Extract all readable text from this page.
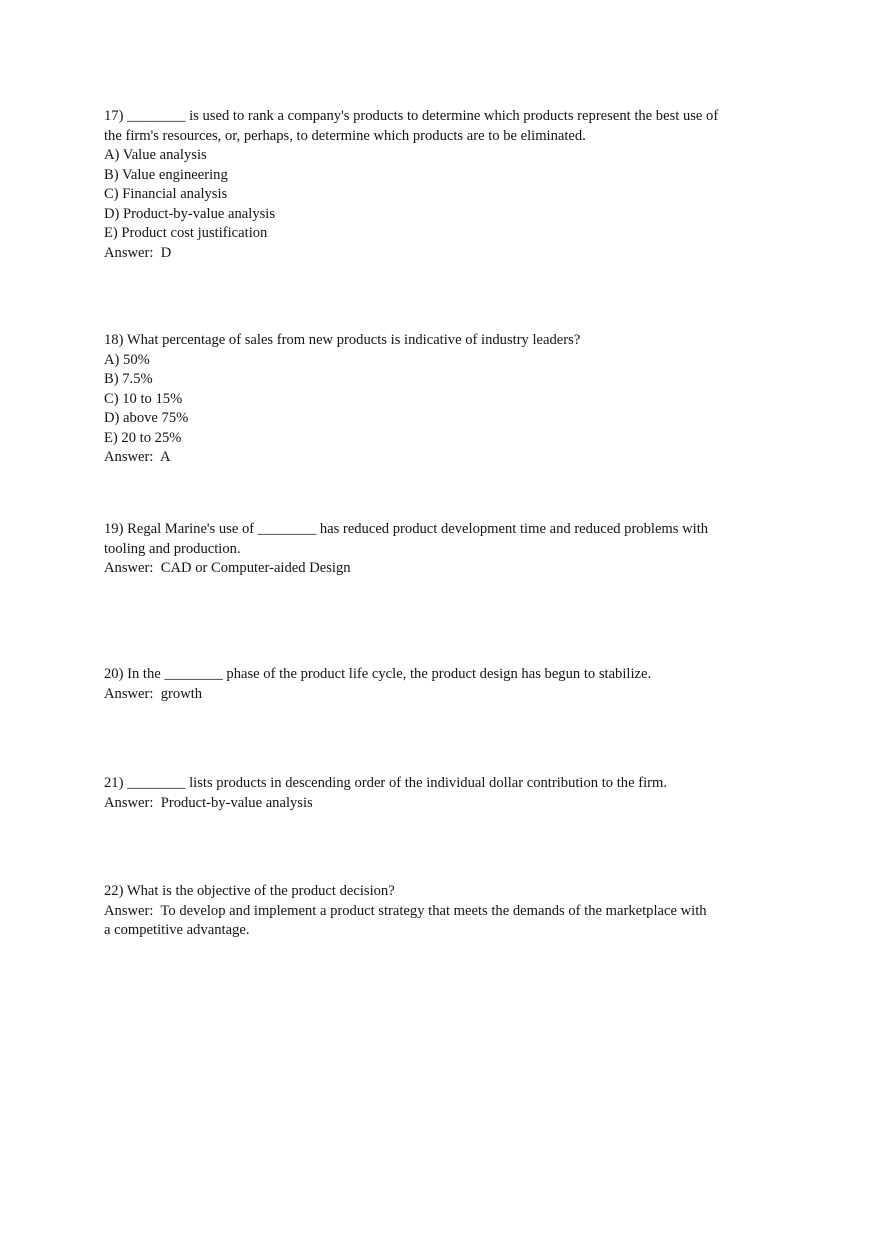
17) ________ is used to rank a company's products to determine which products represent the best use of
the firm's resources, or, perhaps, to determine which products are to be eliminated.
A) Value analysis
B) Value engineering
C) Financial analysis
D) Product-by-value analysis
E) Product cost justification
Answer:  D
18) What percentage of sales from new products is indicative of industry leaders?
A) 50%
B) 7.5%
C) 10 to 15%
D) above 75%
E) 20 to 25%
Answer:  A
19) Regal Marine's use of ________ has reduced product development time and reduced problems with
tooling and production.
Answer:  CAD or Computer-aided Design
20) In the ________ phase of the product life cycle, the product design has begun to stabilize.
Answer:  growth
21) ________ lists products in descending order of the individual dollar contribution to the firm.
Answer:  Product-by-value analysis
22) What is the objective of the product decision?
Answer:  To develop and implement a product strategy that meets the demands of the marketplace with
a competitive advantage.
